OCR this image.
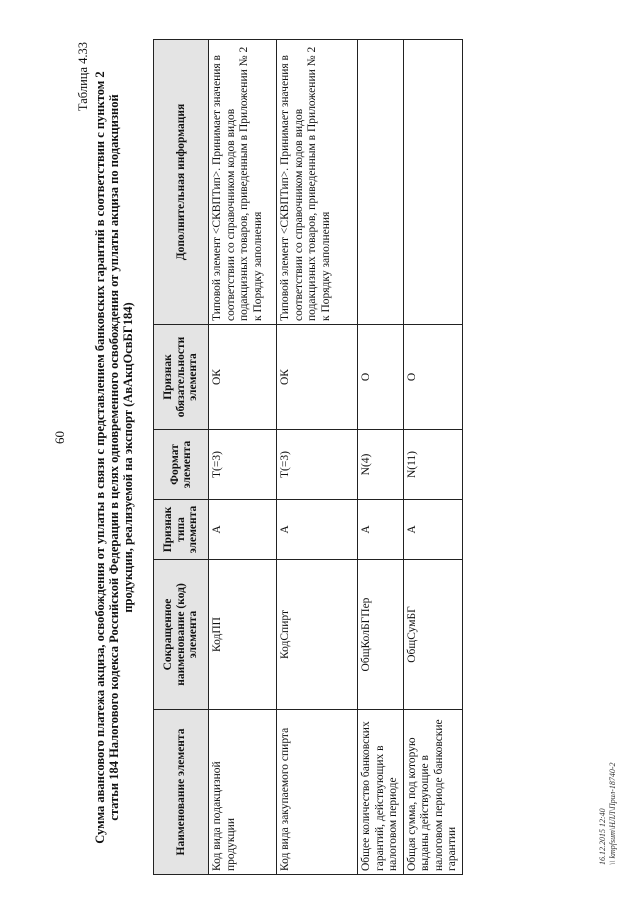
60
Таблица 4.33 Сумма авансового платежа акциза, освобождения от уплаты в связи с представлением банковских гарантий в соответствии с пунктом 2 статьи 184 Налогового кодекса Российской Федерации в целях одновременного освобождения от уплаты акциза по подакцизной продукции, реализуемой на экспорт (АвАкцОсвБГ184)
Наименование элемента	Сокращенное наименование (код) элемента	Признак типа элемента	Формат элемента	Признак обязательности элемента	Дополнительная информация
Код вида подакцизной продукции	КодПП	А	T(=3)	ОК	Типовой элемент <СКВПТип>. Принимает значения в соответствии со справочником кодов видов подакцизных товаров, приведенным в Приложении № 2 к Порядку заполнения
Код вида закупаемого спирта	КодСпирт	А	T(=3)	ОК	Типовой элемент <СКВПТип>. Принимает значения в соответствии со справочником кодов видов подакцизных товаров, приведенным в Приложении № 2 к Порядку заполнения
Общее количество банковских гарантий, действующих в налоговом периоде	ОбщКолБГПер	А	N(4)	О	
Общая сумма, под которую выданы действующие в налоговом периоде банковские гарантии	ОбщСумБГ	А	N(11)	О	
16.12.2015 12:40 \\ kmpfsum\НЛЛ\Прил-18740-2
